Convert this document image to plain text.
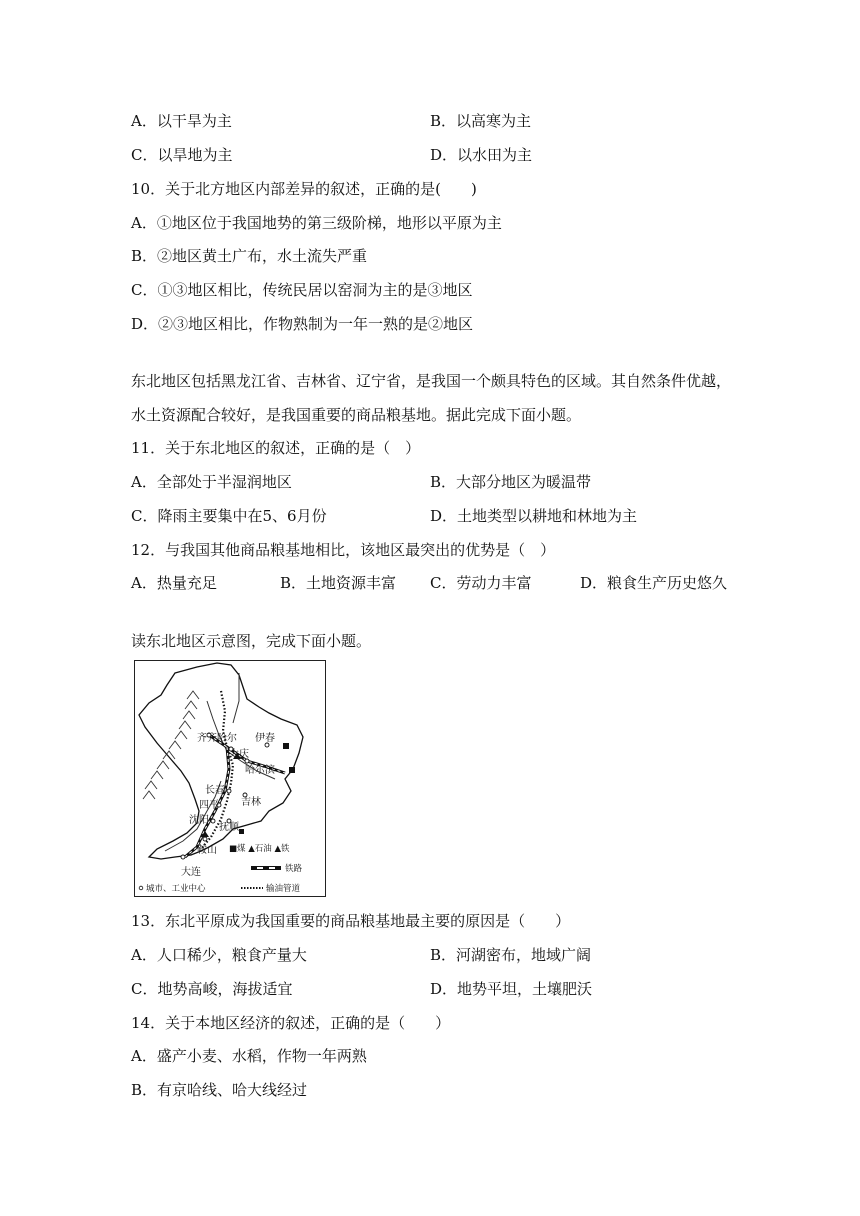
A．以干旱为主	B．以高寒为主
C．以旱地为主	D．以水田为主
10．关于北方地区内部差异的叙述，正确的是(　　)
A．①地区位于我国地势的第三级阶梯，地形以平原为主
B．②地区黄土广布，水土流失严重
C．①③地区相比，传统民居以窑洞为主的是③地区
D．②③地区相比，作物熟制为一年一熟的是②地区
东北地区包括黑龙江省、吉林省、辽宁省，是我国一个颇具特色的区域。其自然条件优越，
水土资源配合较好，是我国重要的商品粮基地。据此完成下面小题。
11．关于东北地区的叙述，正确的是（　）
A．全部处于半湿润地区	B．大部分地区为暖温带
C．降雨主要集中在5、6月份	D．土地类型以耕地和林地为主
12．与我国其他商品粮基地相比，该地区最突出的优势是（　）
A．热量充足	B．土地资源丰富 C．劳动力丰富	D．粮食生产历史悠久
读东北地区示意图，完成下面小题。
齐齐哈尔 伊春
大庆
哈尔滨
长春
吉林
四平
沈阳
抚顺
鞍山
大连
■煤 ▲石油 ▲铁
铁路
城市、工业中心	输油管道
13．东北平原成为我国重要的商品粮基地最主要的原因是（　　）
A．人口稀少，粮食产量大	B．河湖密布，地域广阔
C．地势高峻，海拔适宜	D．地势平坦，土壤肥沃
14．关于本地区经济的叙述，正确的是（　　）
A．盛产小麦、水稻，作物一年两熟
B．有京哈线、哈大线经过
